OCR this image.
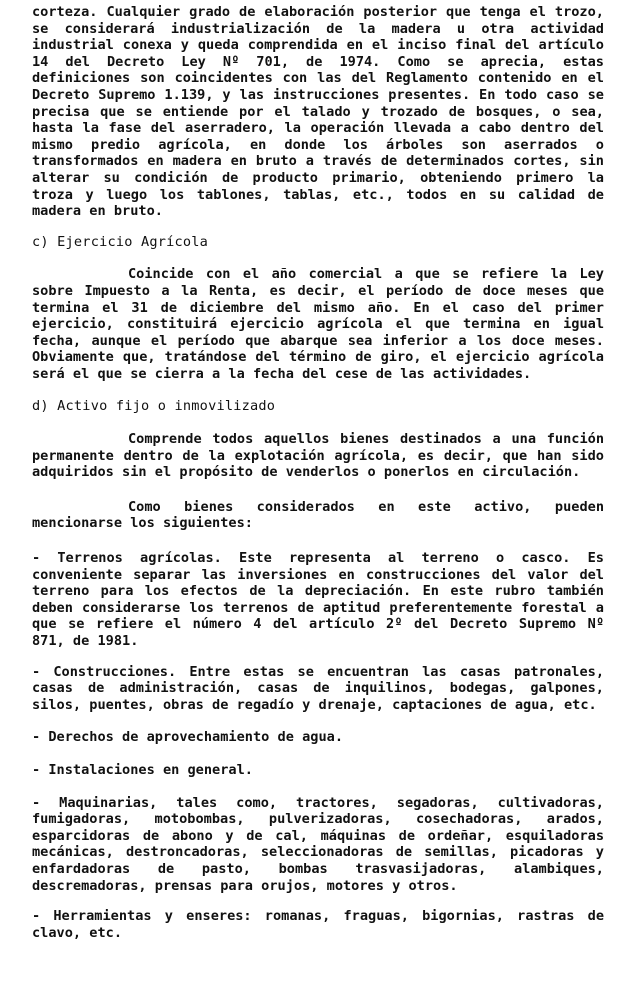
corteza. Cualquier grado de elaboración posterior que tenga el trozo, se considerará industrialización de la madera u otra actividad industrial conexa y queda comprendida en el inciso final del artículo 14 del Decreto Ley Nº 701, de 1974. Como se aprecia, estas definiciones son coincidentes con las del Reglamento contenido en el Decreto Supremo 1.139, y las instrucciones presentes. En todo caso se precisa que se entiende por el talado y trozado de bosques, o sea, hasta la fase del aserradero, la operación llevada a cabo dentro del mismo predio agrícola, en donde los árboles son aserrados o transformados en madera en bruto a través de determinados cortes, sin alterar su condición de producto primario, obteniendo primero la troza y luego los tablones, tablas, etc., todos en su calidad de madera en bruto.

c) Ejercicio Agrícola

Coincide con el año comercial a que se refiere la Ley sobre Impuesto a la Renta, es decir, el período de doce meses que termina el 31 de diciembre del mismo año. En el caso del primer ejercicio, constituirá ejercicio agrícola el que termina en igual fecha, aunque el período que abarque sea inferior a los doce meses. Obviamente que, tratándose del término de giro, el ejercicio agrícola será el que se cierra a la fecha del cese de las actividades.

d) Activo fijo o inmovilizado

Comprende todos aquellos bienes destinados a una función permanente dentro de la explotación agrícola, es decir, que han sido adquiridos sin el propósito de venderlos o ponerlos en circulación.

Como bienes considerados en este activo, pueden mencionarse los siguientes:

- Terrenos agrícolas. Este representa al terreno o casco. Es conveniente separar las inversiones en construcciones del valor del terreno para los efectos de la depreciación. En este rubro también deben considerarse los terrenos de aptitud preferentemente forestal a que se refiere el número 4 del artículo 2º del Decreto Supremo Nº 871, de 1981.

- Construcciones. Entre estas se encuentran las casas patronales, casas de administración, casas de inquilinos, bodegas, galpones, silos, puentes, obras de regadío y drenaje, captaciones de agua, etc.

- Derechos de aprovechamiento de agua.

- Instalaciones en general.

- Maquinarias, tales como, tractores, segadoras, cultivadoras, fumigadoras, motobombas, pulverizadoras, cosechadoras, arados, esparcidoras de abono y de cal, máquinas de ordeñar, esquiladoras mecánicas, destroncadoras, seleccionadoras de semillas, picadoras y enfardadoras de pasto, bombas trasvasijadoras, alambiques, descremadoras, prensas para orujos, motores y otros.

- Herramientas y enseres: romanas, fraguas, bigornias, rastras de clavo, etc.
